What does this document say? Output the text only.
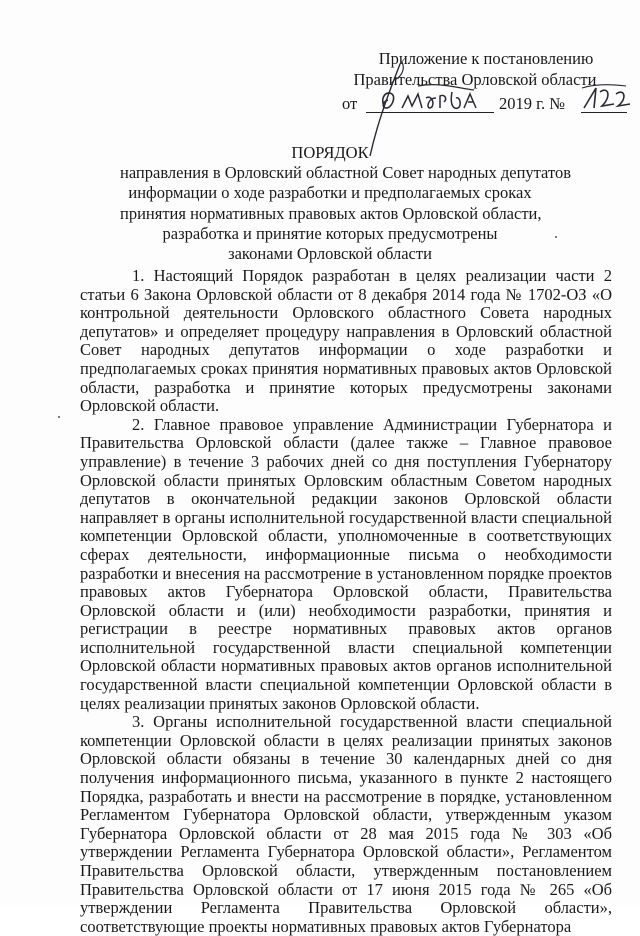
Приложение к постановлению
Правительства Орловской области
от	2019 г. №
ПОРЯДОК
направления в Орловский областной Совет народных депутатов
информации о ходе разработки и предполагаемых сроках
принятия нормативных правовых актов Орловской области,
разработка и принятие которых предусмотрены
законами Орловской области

1. Настоящий Порядок разработан в целях реализации части 2 статьи 6 Закона Орловской области от 8 декабря 2014 года № 1702-ОЗ «О контрольной деятельности Орловского областного Совета народных депутатов» и определяет процедуру направления в Орловский областной Совет народных депутатов информации о ходе разработки и предполагаемых сроках принятия нормативных правовых актов Орловской области, разработка и принятие которых предусмотрены законами Орловской области.

2. Главное правовое управление Администрации Губернатора и Правительства Орловской области (далее также – Главное правовое управление) в течение 3 рабочих дней со дня поступления Губернатору Орловской области принятых Орловским областным Советом народных депутатов в окончательной редакции законов Орловской области направляет в органы исполнительной государственной власти специальной компетенции Орловской области, уполномоченные в соответствующих сферах деятельности, информационные письма о необходимости разработки и внесения на рассмотрение в установленном порядке проектов правовых актов Губернатора Орловской области, Правительства Орловской области и (или) необходимости разработки, принятия и регистрации в реестре нормативных правовых актов органов исполнительной государственной власти специальной компетенции Орловской области нормативных правовых актов органов исполнительной государственной власти специальной компетенции Орловской области в целях реализации принятых законов Орловской области.

3. Органы исполнительной государственной власти специальной компетенции Орловской области в целях реализации принятых законов Орловской области обязаны в течение 30 календарных дней со дня получения информационного письма, указанного в пункте 2 настоящего Порядка, разработать и внести на рассмотрение в порядке, установленном Регламентом Губернатора Орловской области, утвержденным указом Губернатора Орловской области от 28 мая 2015 года № 303 «Об утверждении Регламента Губернатора Орловской области», Регламентом Правительства Орловской области, утвержденным постановлением Правительства Орловской области от 17 июня 2015 года № 265 «Об утверждении Регламента Правительства Орловской области», соответствующие проекты нормативных правовых актов Губернатора
